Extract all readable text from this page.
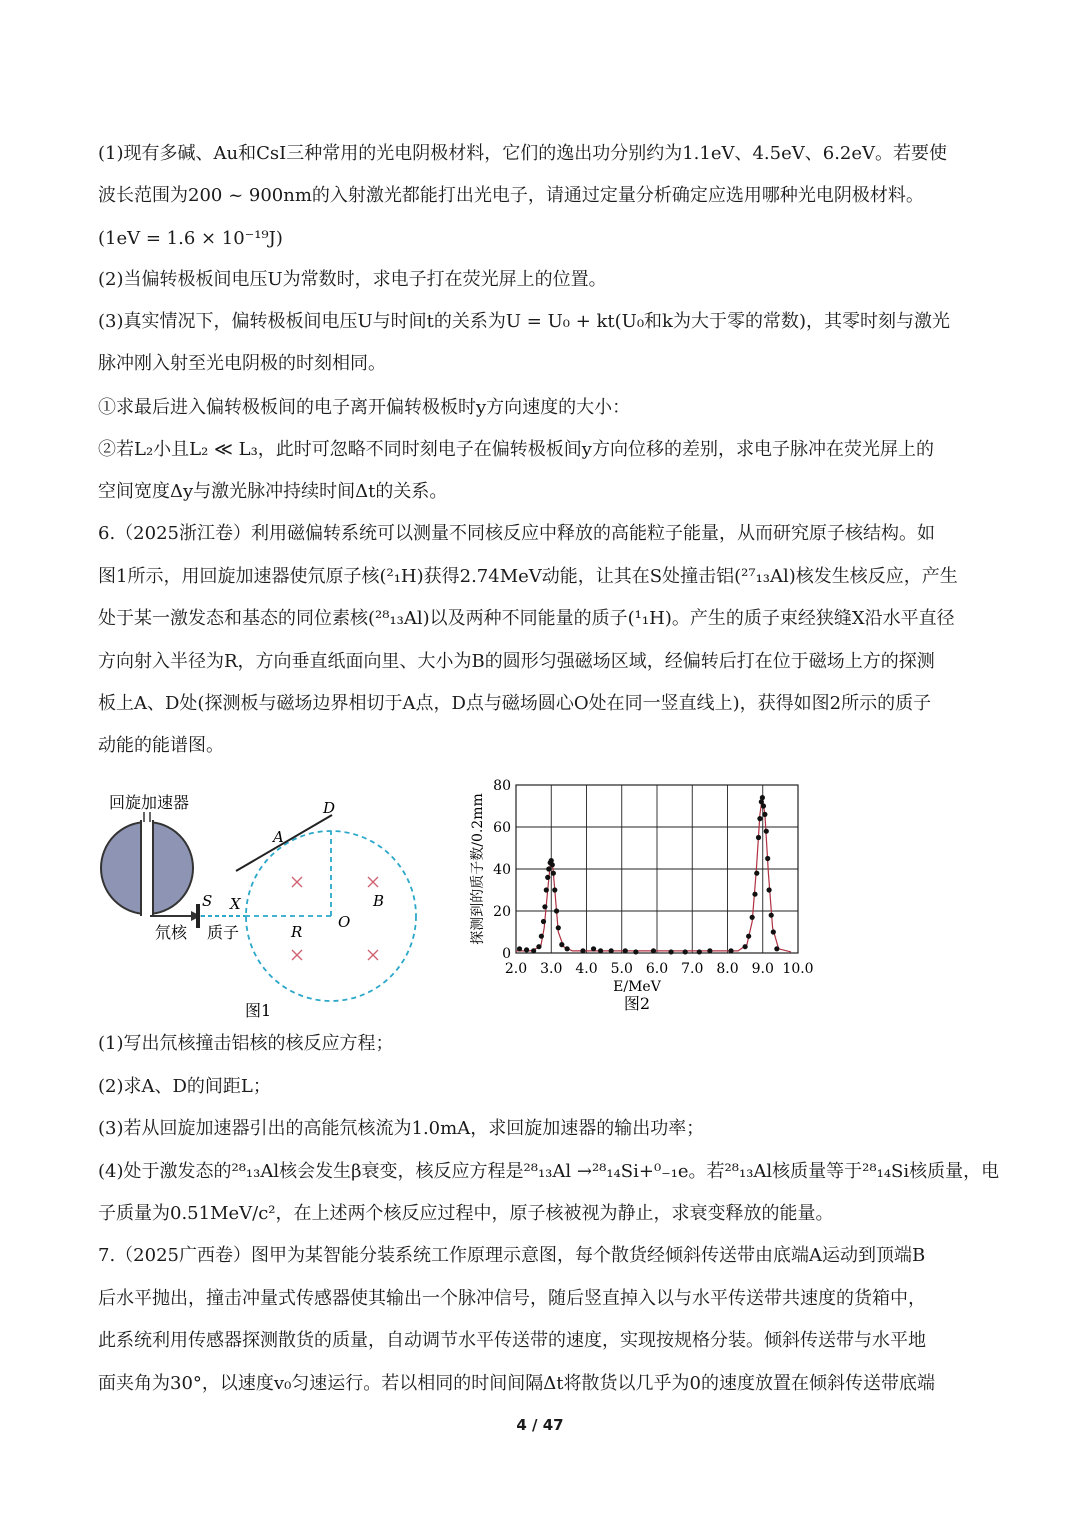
(1)现有多碱、Au和CsI三种常用的光电阴极材料，它们的逸出功分别约为1.1eV、4.5eV、6.2eV。若要使
波长范围为200 ~ 900nm的入射激光都能打出光电子，请通过定量分析确定应选用哪种光电阴极材料。
(1eV = 1.6 × 10⁻¹⁹J)
(2)当偏转极板间电压U为常数时，求电子打在荧光屏上的位置。
(3)真实情况下，偏转极板间电压U与时间t的关系为U = U₀ + kt(U₀和k为大于零的常数)，其零时刻与激光
脉冲刚入射至光电阴极的时刻相同。
①求最后进入偏转极板间的电子离开偏转极板时y方向速度的大小：
②若L₂小且L₂ ≪ L₃，此时可忽略不同时刻电子在偏转极板间y方向位移的差别，求电子脉冲在荧光屏上的
空间宽度Δy与激光脉冲持续时间Δt的关系。
6.（2025浙江卷）利用磁偏转系统可以测量不同核反应中释放的高能粒子能量，从而研究原子核结构。如
图1所示，用回旋加速器使氘原子核(²₁H)获得2.74MeV动能，让其在S处撞击铝(²⁷₁₃Al)核发生核反应，产生
处于某一激发态和基态的同位素核(²⁸₁₃Al)以及两种不同能量的质子(¹₁H)。产生的质子束经狭缝X沿水平直径
方向射入半径为R，方向垂直纸面向里、大小为B的圆形匀强磁场区域，经偏转后打在位于磁场上方的探测
板上A、D处(探测板与磁场边界相切于A点，D点与磁场圆心O处在同一竖直线上)，获得如图2所示的质子
动能的能谱图。
回旋加速器
S
氘核 质子
X
A
D
O
R
B
图1
0
20
40
60
80
2.0 3.0 4.0 5.0 6.0 7.0 8.0 9.0 10.0
探测到的质子数/0.2mm
E/MeV
图2
(1)写出氘核撞击铝核的核反应方程；
(2)求A、D的间距L；
(3)若从回旋加速器引出的高能氘核流为1.0mA，求回旋加速器的输出功率；
(4)处于激发态的²⁸₁₃Al核会发生β衰变，核反应方程是²⁸₁₃Al →²⁸₁₄Si+⁰₋₁e。若²⁸₁₃Al核质量等于²⁸₁₄Si核质量，电
子质量为0.51MeV/c²，在上述两个核反应过程中，原子核被视为静止，求衰变释放的能量。
7.（2025广西卷）图甲为某智能分装系统工作原理示意图，每个散货经倾斜传送带由底端A运动到顶端B
后水平抛出，撞击冲量式传感器使其输出一个脉冲信号，随后竖直掉入以与水平传送带共速度的货箱中，
此系统利用传感器探测散货的质量，自动调节水平传送带的速度，实现按规格分装。倾斜传送带与水平地
面夹角为30°，以速度v₀匀速运行。若以相同的时间间隔Δt将散货以几乎为0的速度放置在倾斜传送带底端
4 / 47
